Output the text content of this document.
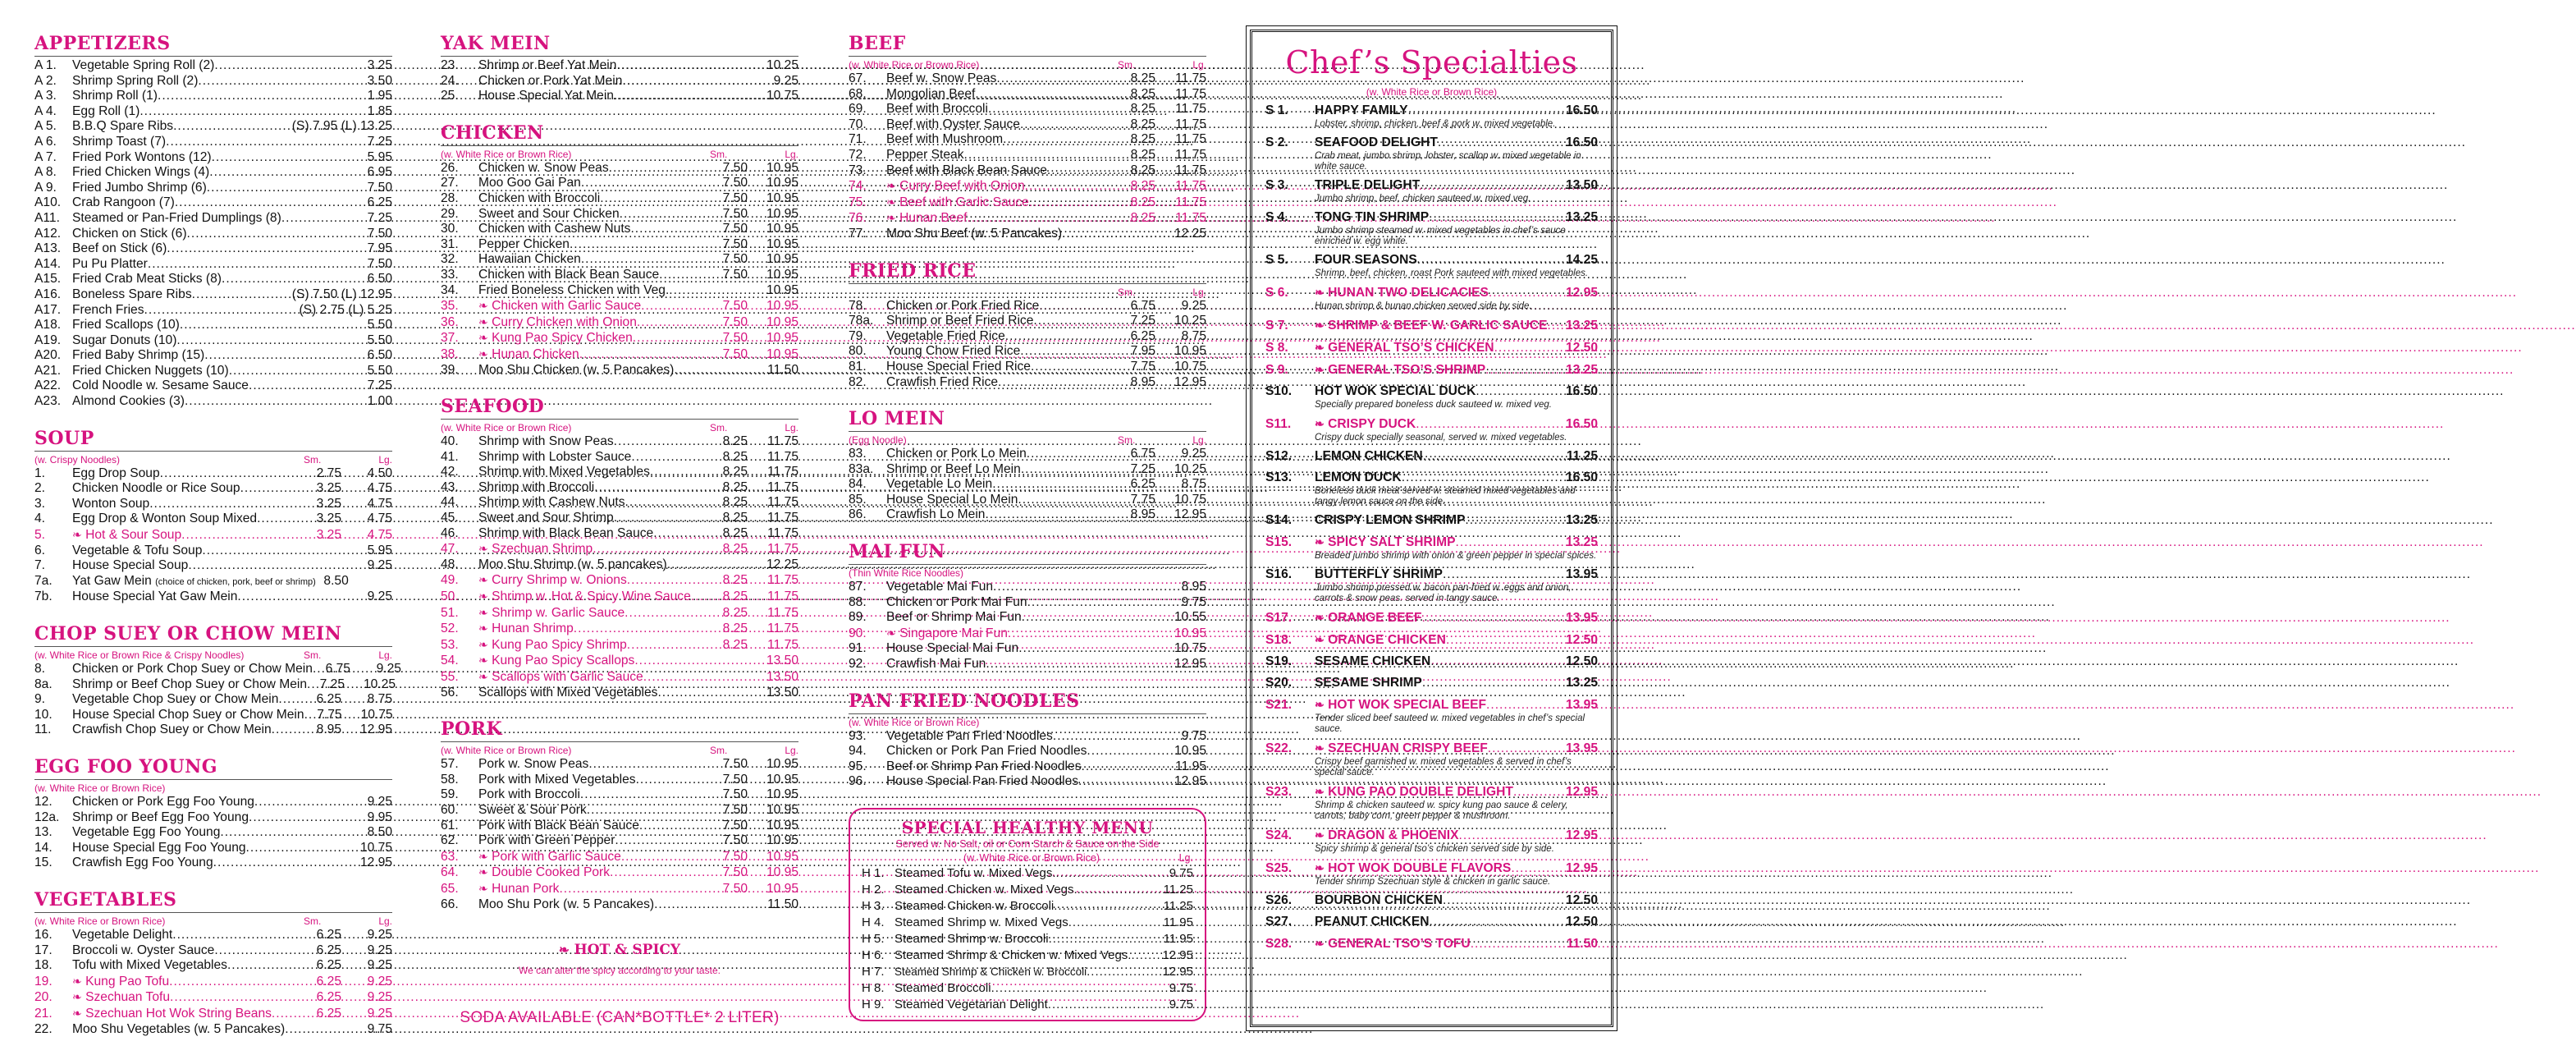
APPETIZERS
A 1.	Vegetable Spring Roll (2) .....	3.25
A 2.	Shrimp Spring Roll (2) .....	3.50
A 3.	Shrimp Roll (1) .....	1.95
A 4.	Egg Roll (1) .....	1.85
A 5.	B.B.Q Spare Ribs .....	(S) 7.95 (L) 13.25
A 6.	Shrimp Toast (7) .....	7.25
A 7.	Fried Pork Wontons (12) .....	5.95
A 8.	Fried Chicken Wings (4) .....	6.95
A 9.	Fried Jumbo Shrimp (6) .....	7.50
A10. Crab Rangoon (7) .....	6.25
A11. Steamed or Pan-Fried Dumplings (8) .....	7.25
A12. Chicken on Stick (6) .....	7.50
A13. Beef on Stick (6) .....	7.95
A14. Pu Pu Platter .....	7.50
A15. Fried Crab Meat Sticks (8) .....	6.50
A16. Boneless Spare Ribs .....	(S) 7.50 (L) 12.95
A17. French Fries .....	(S) 2.75 (L) 5.25
A18. Fried Scallops (10) .....	5.50
A19. Sugar Donuts (10) .....	5.50
A20. Fried Baby Shrimp (15) .....	6.50
A21. Fried Chicken Nuggets (10) .....	5.50
A22. Cold Noodle w. Sesame Sauce .....	7.25
A23. Almond Cookies (3) .....	1.00
SOUP
(w. Crispy Noodles)	Sm.	Lg.
1.	Egg Drop Soup .....	2.75	4.50
2.	Chicken Noodle or Rice Soup .....	3.25	4.75
3.	Wonton Soup .....	3.25	4.75
4.	Egg Drop & Wonton Soup Mixed .....	3.25	4.75
5.	❧ Hot & Sour Soup .....	3.25	4.75
6.	Vegetable & Tofu Soup .....	5.95
7.	House Special Soup .....	9.25
7a.	Yat Gaw Mein (choice of chicken, pork, beef or shrimp) 8.50
7b.	House Special Yat Gaw Mein .....	9.25
CHOP SUEY OR CHOW MEIN
(w. White Rice or Brown Rice & Crispy Noodles)	Sm.	Lg.
8.	Chicken or Pork Chop Suey or Chow Mein .....	6.75	9.25
8a.	Shrimp or Beef Chop Suey or Chow Mein .....	7.25	10.25
9.	Vegetable Chop Suey or Chow Mein .....	6.25	8.75
10.	House Special Chop Suey or Chow Mein .....	7.75	10.75
11.	Crawfish Chop Suey or Chow Mein .....	8.95	12.95
EGG FOO YOUNG
(w. White Rice or Brown Rice)
12.	Chicken or Pork Egg Foo Young .....	9.25
12a.	Shrimp or Beef Egg Foo Young .....	9.95
13.	Vegetable Egg Foo Young .....	8.50
14.	House Special Egg Foo Young .....	10.75
15.	Crawfish Egg Foo Young .....	12.95
VEGETABLES
(w. White Rice or Brown Rice)	Sm.	Lg.
16.	Vegetable Delight .....	6.25	9.25
17.	Broccoli w. Oyster Sauce .....	6.25	9.25
18.	Tofu with Mixed Vegetables .....	6.25	9.25
19.	❧ Kung Pao Tofu .....	6.25	9.25
20.	❧ Szechuan Tofu .....	6.25	9.25
21.	❧ Szechuan Hot Wok String Beans .....	6.25	9.25
22.	Moo Shu Vegetables (w. 5 Pancakes) .....	9.75
YAK MEIN
23.	Shrimp or Beef Yat Mein .....	10.25
24.	Chicken or Pork Yat Mein .....	9.25
25.	House Special Yat Mein .....	10.75
CHICKEN
(w. White Rice or Brown Rice)	Sm.	Lg.
26.	Chicken w. Snow Peas .....	7.50	10.95
27.	Moo Goo Gai Pan .....	7.50	10.95
28.	Chicken with Broccoli .....	7.50	10.95
29.	Sweet and Sour Chicken .....	7.50	10.95
30.	Chicken with Cashew Nuts .....	7.50	10.95
31.	Pepper Chicken .....	7.50	10.95
32.	Hawaiian Chicken .....	7.50	10.95
33.	Chicken with Black Bean Sauce .....	7.50	10.95
34.	Fried Boneless Chicken with Veg. .....	10.95
35.	❧ Chicken with Garlic Sauce .....	7.50	10.95
36.	❧ Curry Chicken with Onion .....	7.50	10.95
37.	❧ Kung Pao Spicy Chicken .....	7.50	10.95
38.	❧ Hunan Chicken .....	7.50	10.95
39.	Moo Shu Chicken (w. 5 Pancakes) .....	11.50
SEAFOOD
(w. White Rice or Brown Rice)	Sm.	Lg.
40.	Shrimp with Snow Peas .....	8.25	11.75
41.	Shrimp with Lobster Sauce .....	8.25	11.75
42.	Shrimp with Mixed Vegetables .....	8.25	11.75
43.	Shrimp with Broccoli .....	8.25	11.75
44.	Shrimp with Cashew Nuts .....	8.25	11.75
45.	Sweet and Sour Shrimp .....	8.25	11.75
46.	Shrimp with Black Bean Sauce .....	8.25	11.75
47.	❧ Szechuan Shrimp .....	8.25	11.75
48.	Moo Shu Shrimp (w. 5 pancakes) .....	12.25
49.	❧ Curry Shrimp w. Onions .....	8.25	11.75
50.	❧ Shrimp w. Hot & Spicy Wine Sauce .....	8.25	11.75
51.	❧ Shrimp w. Garlic Sauce .....	8.25	11.75
52.	❧ Hunan Shrimp .....	8.25	11.75
53.	❧ Kung Pao Spicy Shrimp .....	8.25	11.75
54.	❧ Kung Pao Spicy Scallops .....	13.50
55.	❧ Scallops with Garlic Sauce .....	13.50
56.	Scallops with Mixed Vegetables .....	13.50
PORK
(w. White Rice or Brown Rice)	Sm.	Lg.
57.	Pork w. Snow Peas .....	7.50	10.95
58.	Pork with Mixed Vegetables .....	7.50	10.95
59.	Pork with Broccoli .....	7.50	10.95
60.	Sweet & Sour Pork .....	7.50	10.95
61.	Pork with Black Bean Sauce .....	7.50	10.95
62.	Pork with Green Pepper .....	7.50	10.95
63.	❧ Pork with Garlic Sauce .....	7.50	10.95
64.	❧ Double Cooked Pork .....	7.50	10.95
65.	❧ Hunan Pork .....	7.50	10.95
66.	Moo Shu Pork (w. 5 Pancakes) .....	11.50
❧ HOT & SPICY
We can alter the spicy according to your taste.
SODA AVAILABLE (CAN*BOTTLE* 2 LITER)
BEEF
(w. White Rice or Brown Rice)	Sm.	Lg.
67.	Beef w. Snow Peas .....	8.25	11.75
68.	Mongolian Beef .....	8.25	11.75
69.	Beef with Broccoli .....	8.25	11.75
70.	Beef with Oyster Sauce .....	8.25	11.75
71.	Beef with Mushroom .....	8.25	11.75
72.	Pepper Steak .....	8.25	11.75
73.	Beef with Black Bean Sauce .....	8.25	11.75
74.	❧ Curry Beef with Onion .....	8.25	11.75
75.	❧ Beef with Garlic Sauce .....	8.25	11.75
76.	❧ Hunan Beef .....	8.25	11.75
77.	Moo Shu Beef (w. 5 Pancakes) .....	12.25
FRIED RICE
Sm.	Lg.
78.	Chicken or Pork Fried Rice .....	6.75	9.25
78a.	Shrimp or Beef Fried Rice .....	7.25	10.25
79.	Vegetable Fried Rice .....	6.25	8.75
80.	Young Chow Fried Rice .....	7.95	10.95
81.	House Special Fried Rice .....	7.75	10.75
82.	Crawfish Fried Rice .....	8.95	12.95
LO MEIN
(Egg Noodle)	Sm.	Lg.
83.	Chicken or Pork Lo Mein .....	6.75	9.25
83a.	Shrimp or Beef Lo Mein .....	7.25	10.25
84.	Vegetable Lo Mein .....	6.25	8.75
85.	House Special Lo Mein .....	7.75	10.75
86.	Crawfish Lo Mein .....	8.95	12.95
MAI FUN
(Thin White Rice Noodles)
87.	Vegetable Mai Fun .....	8.95
88.	Chicken or Pork Mai Fun .....	9.75
89.	Beef or Shrimp Mai Fun .....	10.55
90.	❧ Singapore Mai Fun .....	10.95
91.	House Special Mai Fun .....	10.75
92.	Crawfish Mai Fun .....	12.95
PAN FRIED NOODLES
(w. White Rice or Brown Rice)
93.	Vegetable Pan Fried Noodles .....	9.75
94.	Chicken or Pork Pan Fried Noodles .....	10.95
95.	Beef or Shrimp Pan Fried Noodles .....	11.95
96.	House Special Pan Fried Noodles .....	12.95
SPECIAL HEALTHY MENU
Served w. No Salt, oil or Corn Starch & Sauce on the Side
(w. White Rice or Brown Rice)	Lg.
H 1. Steamed Tofu w. Mixed Vegs. .....	9.75
H 2. Steamed Chicken w. Mixed Vegs. .....	11.25
H 3. Steamed Chicken w. Broccoli .....	11.25
H 4. Steamed Shrimp w. Mixed Vegs .....	11.95
H 5. Steamed Shrimp w. Broccoli .....	11.95
H 6. Steamed Shrimp & Chicken w. Mixed Vegs. .....	12.95
H 7. Steamed Shrimp & Chicken w. Broccoli .....	12.95
H 8. Steamed Broccoli .....	9.75
H 9. Steamed Vegetarian Delight .....	9.75
Chef’s Specialties
(w. White Rice or Brown Rice)
S 1.	HAPPY FAMILY .....	16.50
Lobster, shrimp, chicken, beef & pork w. mixed vegetable.
S 2.	SEAFOOD DELIGHT .....	16.50
Crab meat, jumbo shrimp, lobster, scallop w. mixed vegetable in white sauce.
S 3.	TRIPLE DELIGHT .....	13.50
Jumbo shrimp, beef, chicken sauteed w. mixed veg.
S 4.	TONG TIN SHRIMP .....	13.25
Jumbo shrimp steamed w. mixed vegetables in chef’s sauce enriched w. egg white.
S 5.	FOUR SEASONS .....	14.25
Shrimp, beef, chicken, roast Pork sauteed with mixed vegetables.
S 6.	❧ HUNAN TWO DELICACIES .....	12.95
Hunan shrimp & hunan chicken served side by side.
S 7.	❧ SHRIMP & BEEF W. GARLIC SAUCE ..... 13.25
S 8.	❧ GENERAL TSO’S CHICKEN .....	12.50
S 9.	❧ GENERAL TSO’S SHRIMP .....	13.25
S10.	HOT WOK SPECIAL DUCK .....	16.50
Specially prepared boneless duck sauteed w. mixed veg.
S11.	❧ CRISPY DUCK .....	16.50
Crispy duck specially seasonal, served w. mixed vegetables.
S12.	LEMON CHICKEN .....	11.25
S13.	LEMON DUCK .....	16.50
Boneless duck meat served w. steamed mixed vegetables and tangy lemon sauce on the side.
S14.	CRISPY LEMON SHRIMP .....	13.25
S15.	❧ SPICY SALT SHRIMP .....	13.25
Breaded jumbo shrimp with onion & green pepper in special spices.
S16.	BUTTERFLY SHRIMP .....	13.95
Jumbo shrimp pressed w. bacon pan-fried w. eggs and onion, carrots & snow peas. served in tangy sauce.
S17.	❧ ORANGE BEEF .....	13.95
S18.	❧ ORANGE CHICKEN .....	12.50
S19.	SESAME CHICKEN .....	12.50
S20.	SESAME SHRIMP .....	13.25
S21.	❧ HOT WOK SPECIAL BEEF .....	13.95
Tender sliced beef sauteed w. mixed vegetables in chef’s special sauce.
S22.	❧ SZECHUAN CRISPY BEEF .....	13.95
Crispy beef garnished w. mixed vegetables & served in chef’s special sauce.
S23.	❧ KUNG PAO DOUBLE DELIGHT .....	12.95
Shrimp & chicken sauteed w. spicy kung pao sauce & celery, carrots, baby corn, green pepper & mushroom.
S24.	❧ DRAGON & PHOENIX .....	12.95
Spicy shrimp & general tso’s chicken served side by side.
S25.	❧ HOT WOK DOUBLE FLAVORS .....	12.95
Tender shrimp Szechuan style & chicken in garlic sauce.
S26.	BOURBON CHICKEN .....	12.50
S27.	PEANUT CHICKEN .....	12.50
S28.	❧ GENERAL TSO’S TOFU .....	11.50
